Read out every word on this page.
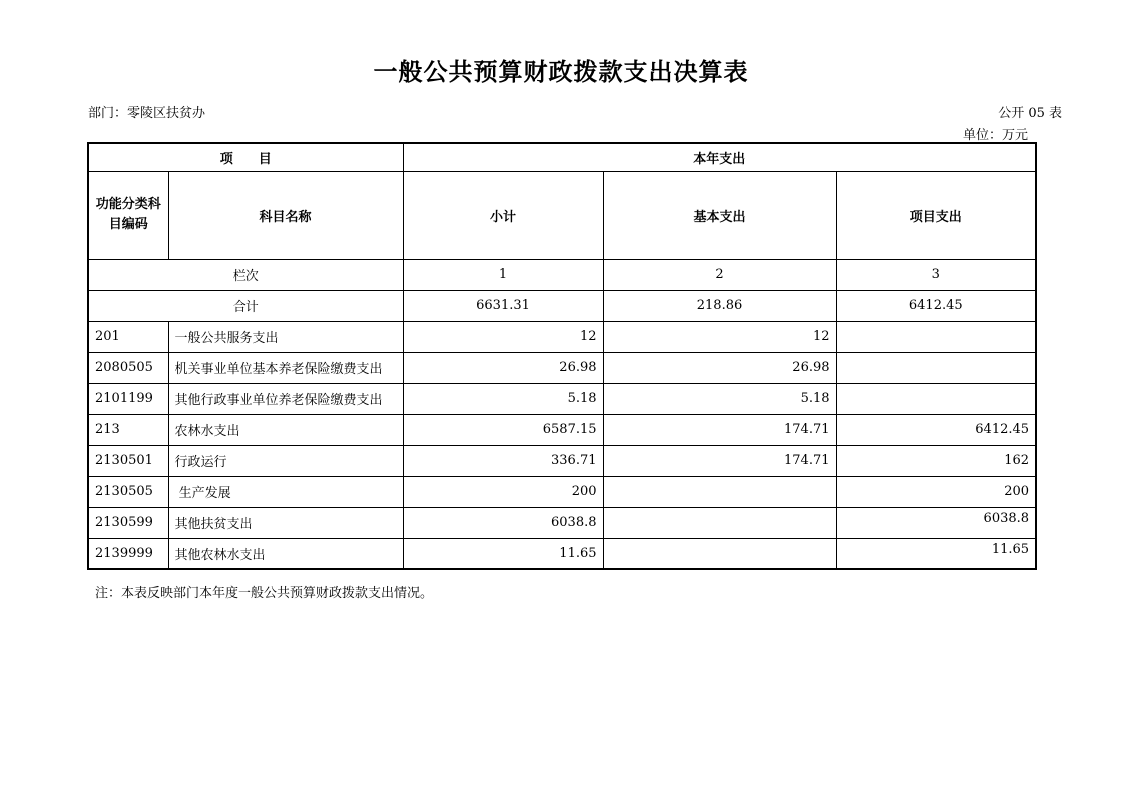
一般公共预算财政拨款支出决算表
部门：零陵区扶贫办	公开 05 表
单位：万元
项　　目		本年支出		
功能分类科目编码	科目名称	小计	基本支出	项目支出
栏次		1	2	3
合计		6631.31	218.86	6412.45
201	一般公共服务支出	12	12	
2080505	机关事业单位基本养老保险缴费支出	26.98	26.98	
2101199	其他行政事业单位养老保险缴费支出	5.18	5.18	
213	农林水支出	6587.15	174.71	6412.45
2130501	行政运行	336.71	174.71	162
2130505	生产发展	200		200
2130599	其他扶贫支出	6038.8		6038.8
2139999	其他农林水支出	11.65		11.65
注：本表反映部门本年度一般公共预算财政拨款支出情况。
